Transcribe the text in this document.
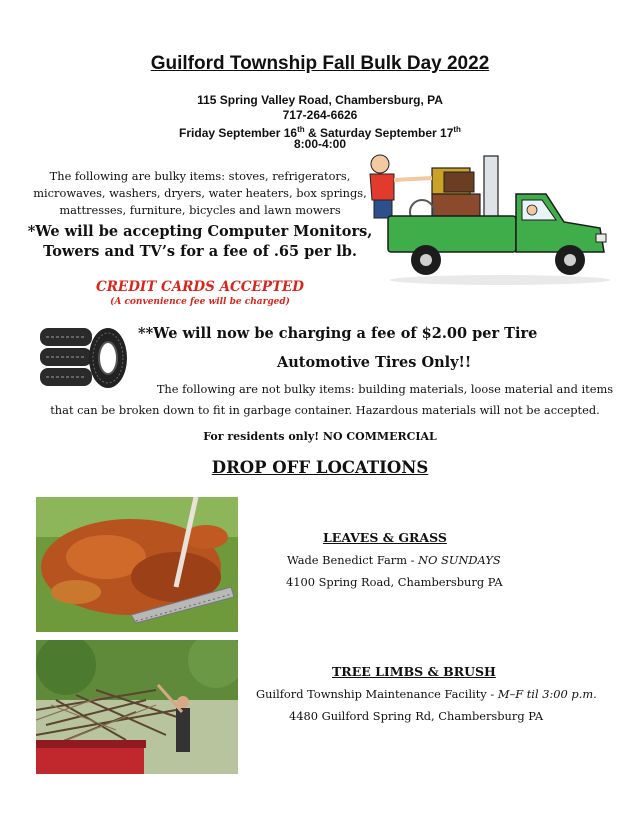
Guilford Township Fall Bulk Day 2022
115 Spring Valley Road, Chambersburg, PA
717-264-6626
Friday September 16th & Saturday September 17th
8:00-4:00
The following are bulky items: stoves, refrigerators,
microwaves, washers, dryers, water heaters, box springs,
mattresses, furniture, bicycles and lawn mowers
*We will be accepting Computer Monitors,
Towers and TV’s for a fee of .65 per lb.
CREDIT CARDS ACCEPTED
(A convenience fee will be charged)
**We will now be charging a fee of $2.00 per Tire
Automotive Tires Only!!
The following are not bulky items: building materials, loose material and items
that can be broken down to fit in garbage container. Hazardous materials will not be accepted.
For residents only! NO COMMERCIAL
DROP OFF LOCATIONS
LEAVES & GRASS
Wade Benedict Farm - NO SUNDAYS
4100 Spring Road, Chambersburg PA
TREE LIMBS & BRUSH
Guilford Township Maintenance Facility - M–F til 3:00 p.m.
4480 Guilford Spring Rd, Chambersburg PA
